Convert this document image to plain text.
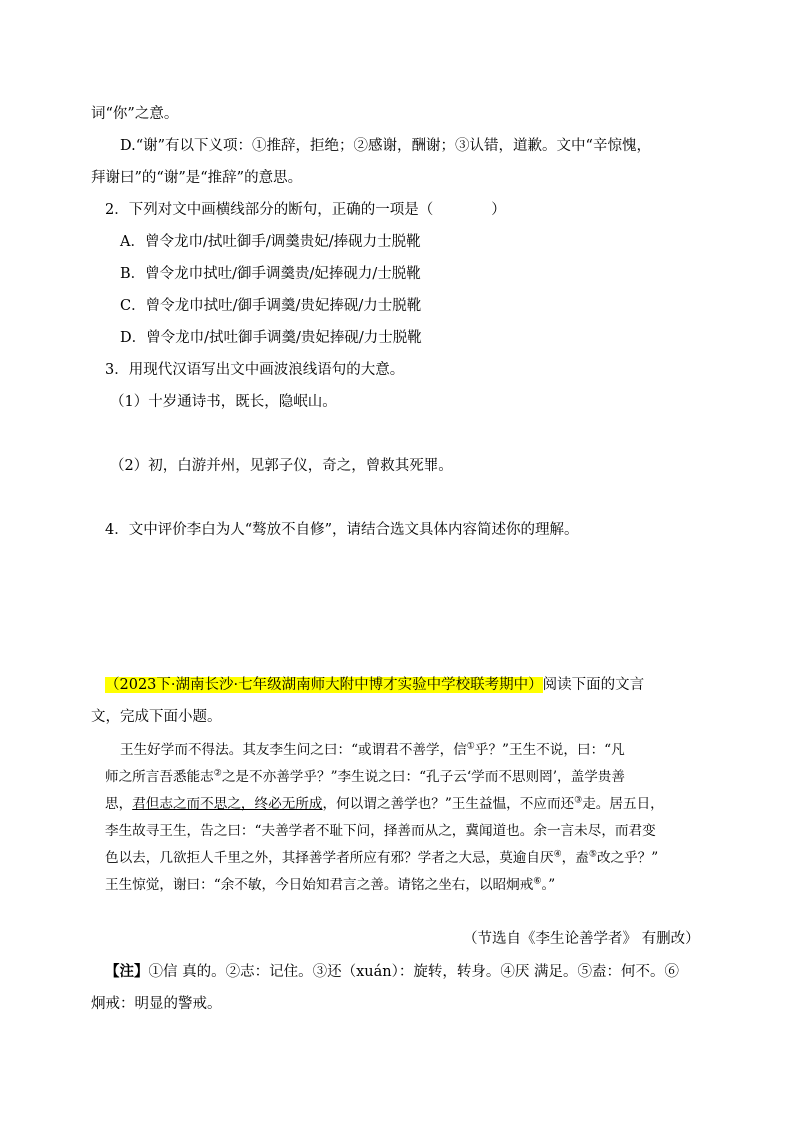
词“你”之意。
D.“谢”有以下义项：①推辞，拒绝；②感谢，酬谢；③认错，道歉。文中“辛惊愧，
拜谢曰”的“谢”是“推辞”的意思。
2．下列对文中画横线部分的断句，正确的一项是（　　　　）
A．曾令龙巾/拭吐御手/调羹贵妃/捧砚力士脱靴
B．曾令龙巾拭吐/御手调羹贵/妃捧砚力/士脱靴
C．曾令龙巾拭吐/御手调羹/贵妃捧砚/力士脱靴
D．曾令龙巾/拭吐御手调羹/贵妃捧砚/力士脱靴
3．用现代汉语写出文中画波浪线语句的大意。
（1）十岁通诗书，既长，隐岷山。
（2）初，白游并州，见郭子仪，奇之，曾救其死罪。
4．文中评价李白为人“骜放不自修”，请结合选文具体内容简述你的理解。
（2023下·湖南长沙·七年级湖南师大附中博才实验中学校联考期中）阅读下面的文言
文，完成下面小题。
王生好学而不得法。其友李生问之曰：“或谓君不善学，信①乎？”王生不说，曰：“凡
师之所言吾悉能志②之是不亦善学乎？”李生说之曰：“孔子云‘学而不思则罔’，盖学贵善
思，君但志之而不思之，终必无所成，何以谓之善学也？”王生益愠，不应而还③走。居五日，
李生故寻王生，告之曰：“夫善学者不耻下问，择善而从之，冀闻道也。余一言未尽，而君变
色以去，几欲拒人千里之外，其择善学者所应有邪？学者之大忌，莫逾自厌④，盍⑤改之乎？”
王生惊觉，谢曰：“余不敏，今日始知君言之善。请铭之坐右，以昭炯戒⑥。”
（节选自《李生论善学者》 有删改）
【注】①信 真的。②志：记住。③还（xuán）：旋转，转身。④厌 满足。⑤盍：何不。⑥
炯戒：明显的警戒。
